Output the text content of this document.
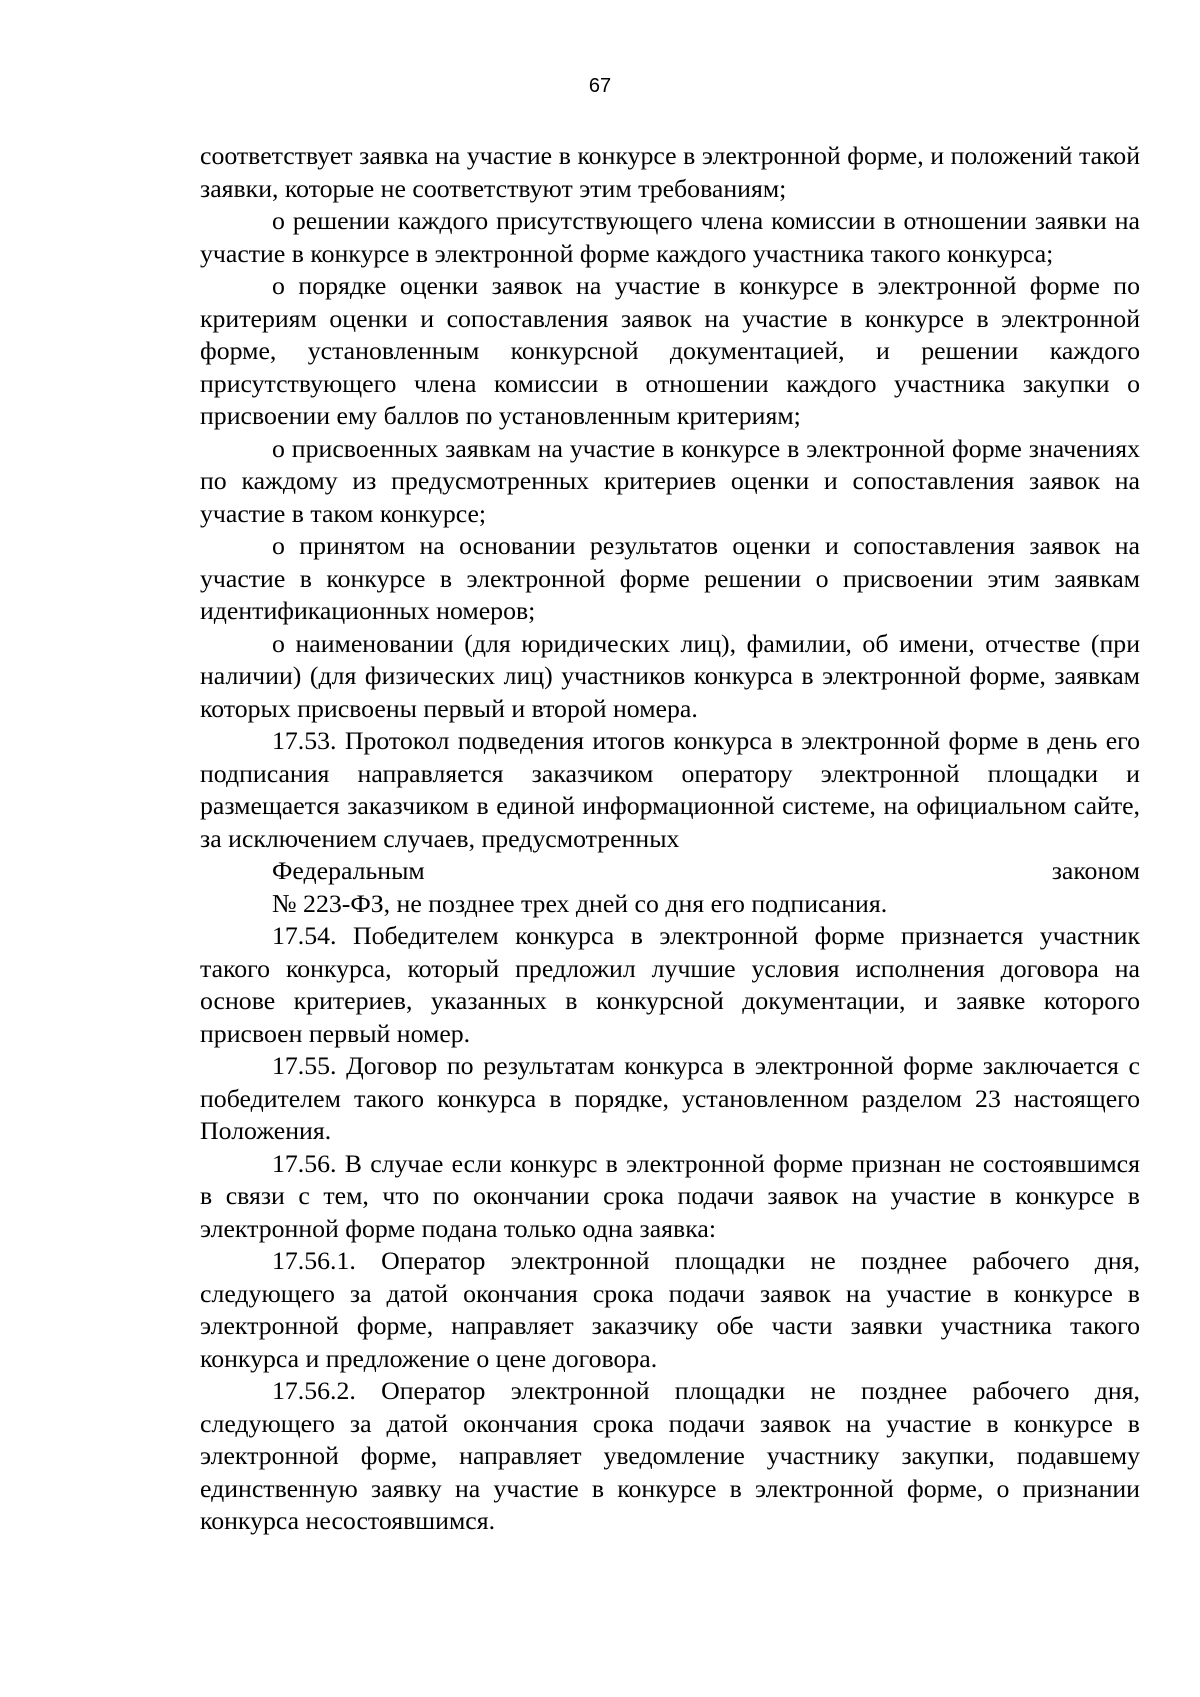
67

соответствует заявка на участие в конкурсе в электронной форме, и положений такой заявки, которые не соответствуют этим требованиям;

о решении каждого присутствующего члена комиссии в отношении заявки на участие в конкурсе в электронной форме каждого участника такого конкурса;

о порядке оценки заявок на участие в конкурсе в электронной форме по критериям оценки и сопоставления заявок на участие в конкурсе в электронной форме, установленным конкурсной документацией, и решении каждого присутствующего члена комиссии в отношении каждого участника закупки о присвоении ему баллов по установленным критериям;

о присвоенных заявкам на участие в конкурсе в электронной форме значениях по каждому из предусмотренных критериев оценки и сопоставления заявок на участие в таком конкурсе;

о принятом на основании результатов оценки и сопоставления заявок на участие в конкурсе в электронной форме решении о присвоении этим заявкам идентификационных номеров;

о наименовании (для юридических лиц), фамилии, об имени, отчестве (при наличии) (для физических лиц) участников конкурса в электронной форме, заявкам которых присвоены первый и второй номера.

17.53. Протокол подведения итогов конкурса в электронной форме в день его подписания направляется заказчиком оператору электронной площадки и размещается заказчиком в единой информационной системе, на официальном сайте, за исключением случаев, предусмотренных
Федеральным законом
№ 223-ФЗ, не позднее трех дней со дня его подписания.

17.54. Победителем конкурса в электронной форме признается участник такого конкурса, который предложил лучшие условия исполнения договора на основе критериев, указанных в конкурсной документации, и заявке которого присвоен первый номер.

17.55. Договор по результатам конкурса в электронной форме заключается с победителем такого конкурса в порядке, установленном разделом 23 настоящего Положения.

17.56. В случае если конкурс в электронной форме признан не состоявшимся в связи с тем, что по окончании срока подачи заявок на участие в конкурсе в электронной форме подана только одна заявка:

17.56.1. Оператор электронной площадки не позднее рабочего дня, следующего за датой окончания срока подачи заявок на участие в конкурсе в электронной форме, направляет заказчику обе части заявки участника такого конкурса и предложение о цене договора.

17.56.2. Оператор электронной площадки не позднее рабочего дня, следующего за датой окончания срока подачи заявок на участие в конкурсе в электронной форме, направляет уведомление участнику закупки, подавшему единственную заявку на участие в конкурсе в электронной форме, о признании конкурса несостоявшимся.
